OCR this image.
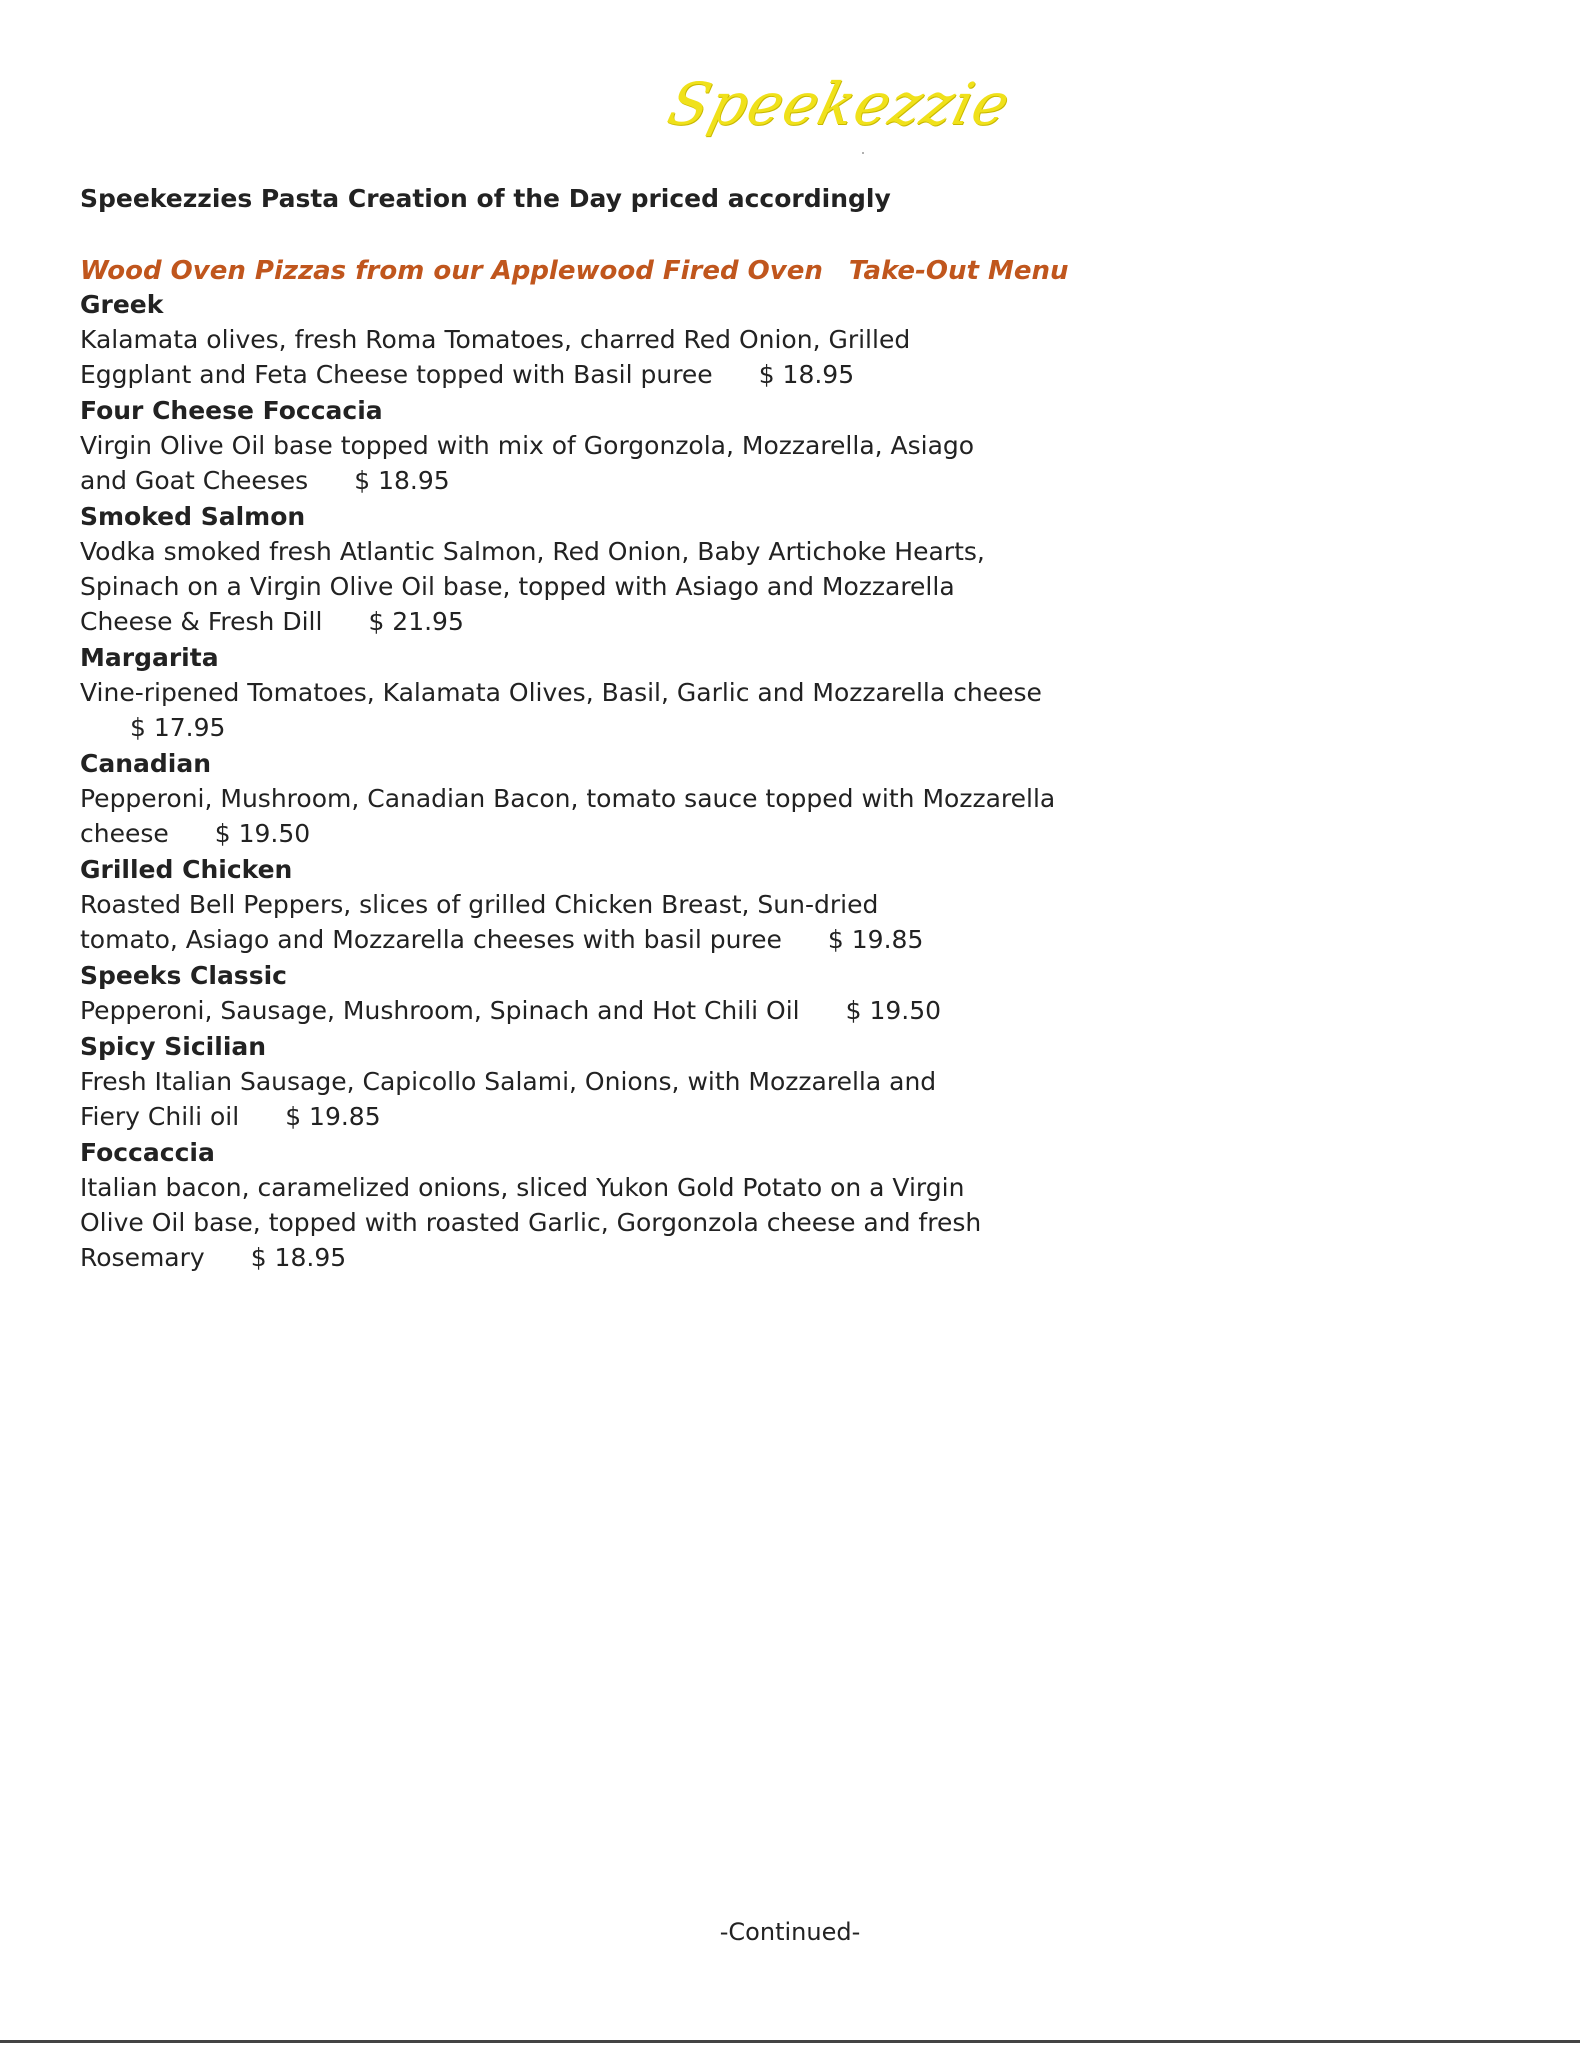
Speekezzie
Speekezzies Pasta Creation of the Day priced accordingly
Wood Oven Pizzas from our Applewood Fired Oven Take-Out Menu

Greek

Kalamata olives, fresh Roma Tomatoes, charred Red Onion, Grilled
Eggplant and Feta Cheese topped with Basil puree $ 18.95

Four Cheese Foccacia

Virgin Olive Oil base topped with mix of Gorgonzola, Mozzarella, Asiago
and Goat Cheeses $ 18.95

Smoked Salmon

Vodka smoked fresh Atlantic Salmon, Red Onion, Baby Artichoke Hearts,
Spinach on a Virgin Olive Oil base, topped with Asiago and Mozzarella
Cheese & Fresh Dill $ 21.95

Margarita

Vine-ripened Tomatoes, Kalamata Olives, Basil, Garlic and Mozzarella cheese$ 17.95

Canadian

Pepperoni, Mushroom, Canadian Bacon, tomato sauce topped with Mozzarella
cheese $ 19.50

Grilled Chicken

Roasted Bell Peppers, slices of grilled Chicken Breast, Sun-dried
tomato, Asiago and Mozzarella cheeses with basil puree $ 19.85

Speeks Classic

Pepperoni, Sausage, Mushroom, Spinach and Hot Chili Oil $ 19.50

Spicy Sicilian

Fresh Italian Sausage, Capicollo Salami, Onions, with Mozzarella and
Fiery Chili oil $ 19.85

Foccaccia

Italian bacon, caramelized onions, sliced Yukon Gold Potato on a Virgin
Olive Oil base, topped with roasted Garlic, Gorgonzola cheese and fresh
Rosemary $ 18.95

-Continued-
